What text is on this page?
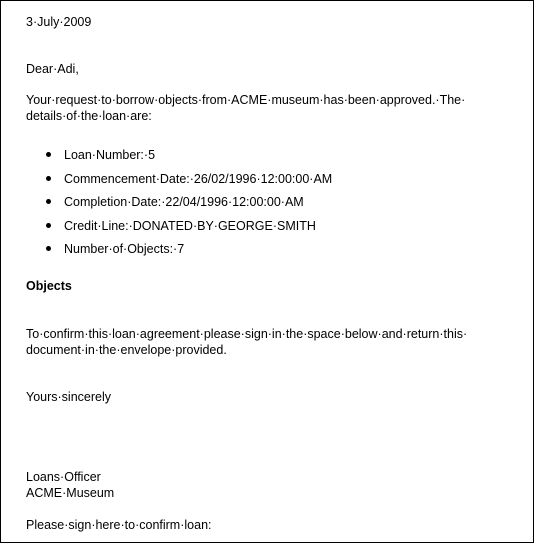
3·July·2009
Dear·Adi,
Your·request·to·borrow·objects·from·ACME·museum·has·been·approved.·The·
details·of·the·loan·are:
Loan·Number:·5
Commencement·Date:·26/02/1996·12:00:00·AM
Completion·Date:·22/04/1996·12:00:00·AM
Credit·Line:·DONATED·BY·GEORGE·SMITH
Number·of·Objects:·7
Objects
To·confirm·this·loan·agreement·please·sign·in·the·space·below·and·return·this·
document·in·the·envelope·provided.
Yours·sincerely
Loans·Officer
ACME·Museum
Please·sign·here·to·confirm·loan:
